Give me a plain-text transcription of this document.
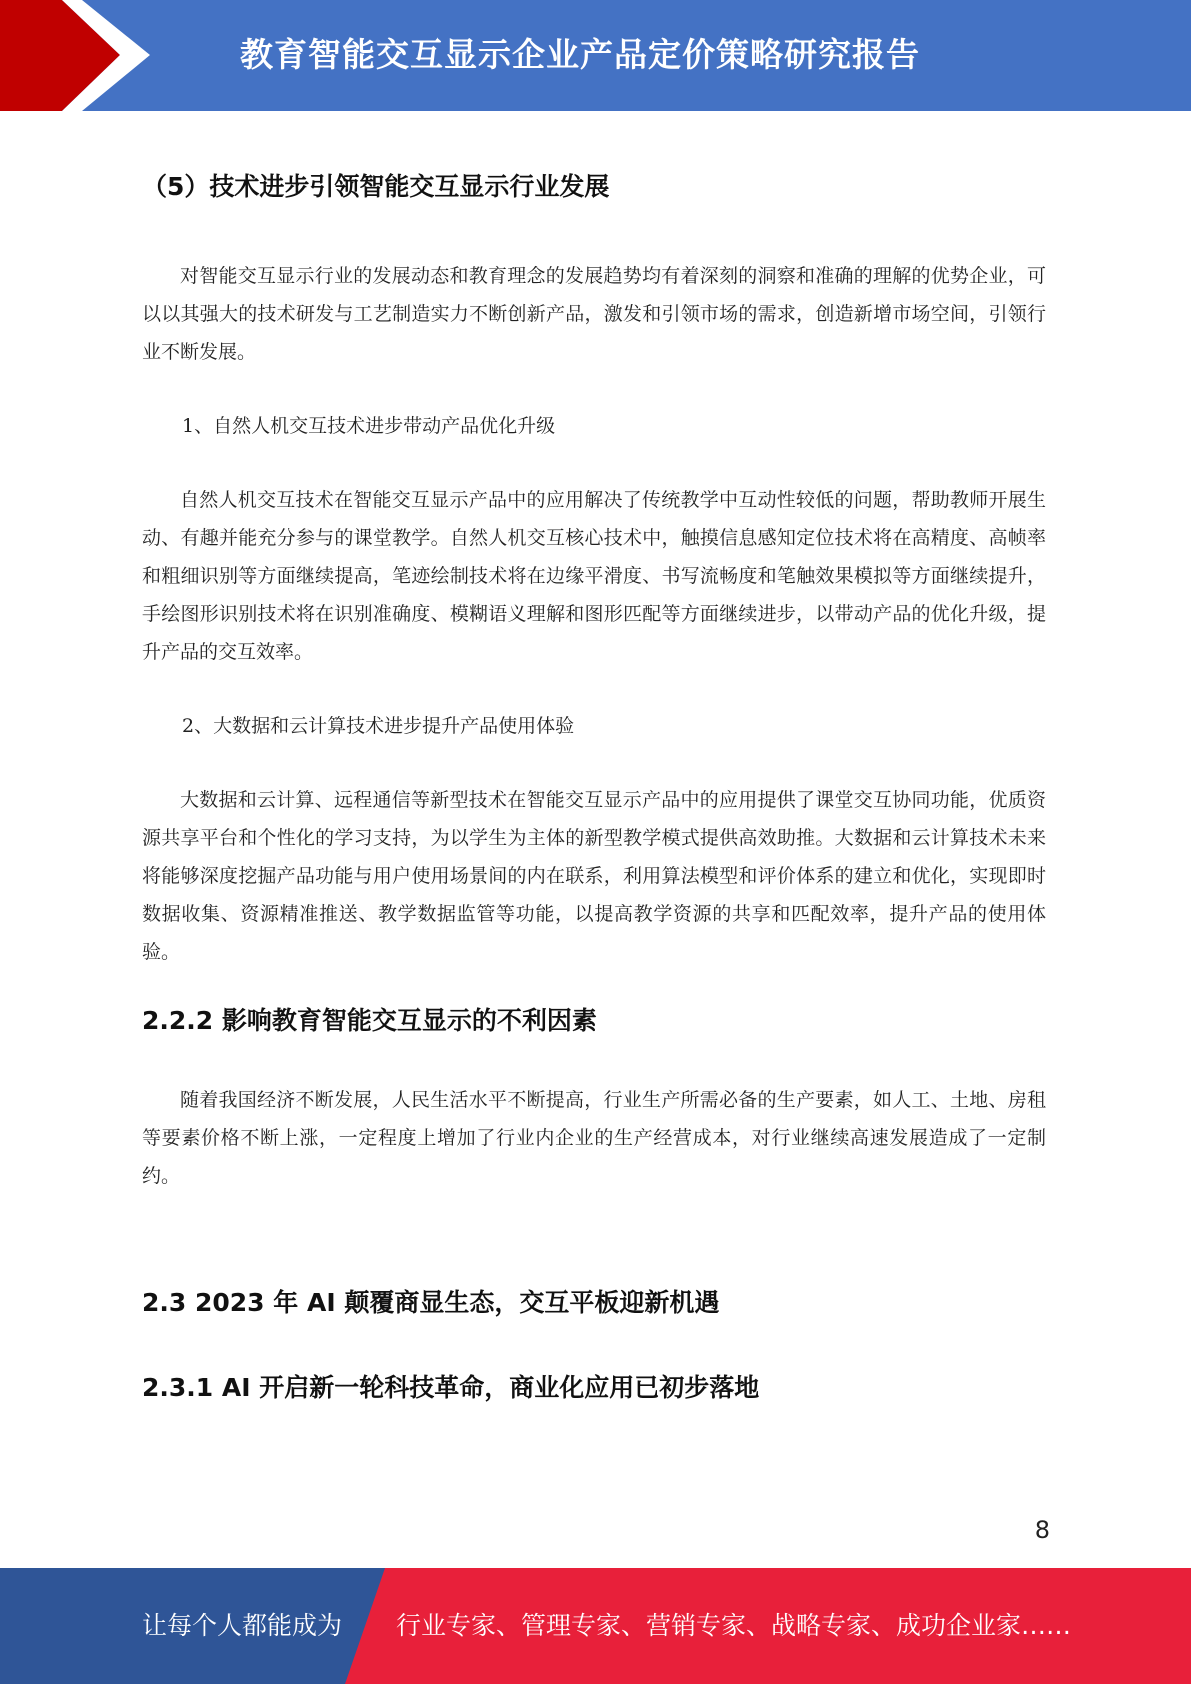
教育智能交互显示企业产品定价策略研究报告
（5）技术进步引领智能交互显示行业发展

对智能交互显示行业的发展动态和教育理念的发展趋势均有着深刻的洞察和准确的理解的优势企业，可以以其强大的技术研发与工艺制造实力不断创新产品，激发和引领市场的需求，创造新增市场空间，引领行业不断发展。

1、自然人机交互技术进步带动产品优化升级

自然人机交互技术在智能交互显示产品中的应用解决了传统教学中互动性较低的问题，帮助教师开展生动、有趣并能充分参与的课堂教学。自然人机交互核心技术中，触摸信息感知定位技术将在高精度、高帧率和粗细识别等方面继续提高，笔迹绘制技术将在边缘平滑度、书写流畅度和笔触效果模拟等方面继续提升，手绘图形识别技术将在识别准确度、模糊语义理解和图形匹配等方面继续进步，以带动产品的优化升级，提升产品的交互效率。

2、大数据和云计算技术进步提升产品使用体验

大数据和云计算、远程通信等新型技术在智能交互显示产品中的应用提供了课堂交互协同功能，优质资源共享平台和个性化的学习支持，为以学生为主体的新型教学模式提供高效助推。大数据和云计算技术未来将能够深度挖掘产品功能与用户使用场景间的内在联系，利用算法模型和评价体系的建立和优化，实现即时数据收集、资源精准推送、教学数据监管等功能，以提高教学资源的共享和匹配效率，提升产品的使用体验。

2.2.2 影响教育智能交互显示的不利因素

随着我国经济不断发展，人民生活水平不断提高，行业生产所需必备的生产要素，如人工、土地、房租等要素价格不断上涨，一定程度上增加了行业内企业的生产经营成本，对行业继续高速发展造成了一定制约。

2.3 2023 年 AI 颠覆商显生态，交互平板迎新机遇
2.3.1 AI 开启新一轮科技革命，商业化应用已初步落地
8
让每个人都能成为 行业专家、管理专家、营销专家、战略专家、成功企业家……
